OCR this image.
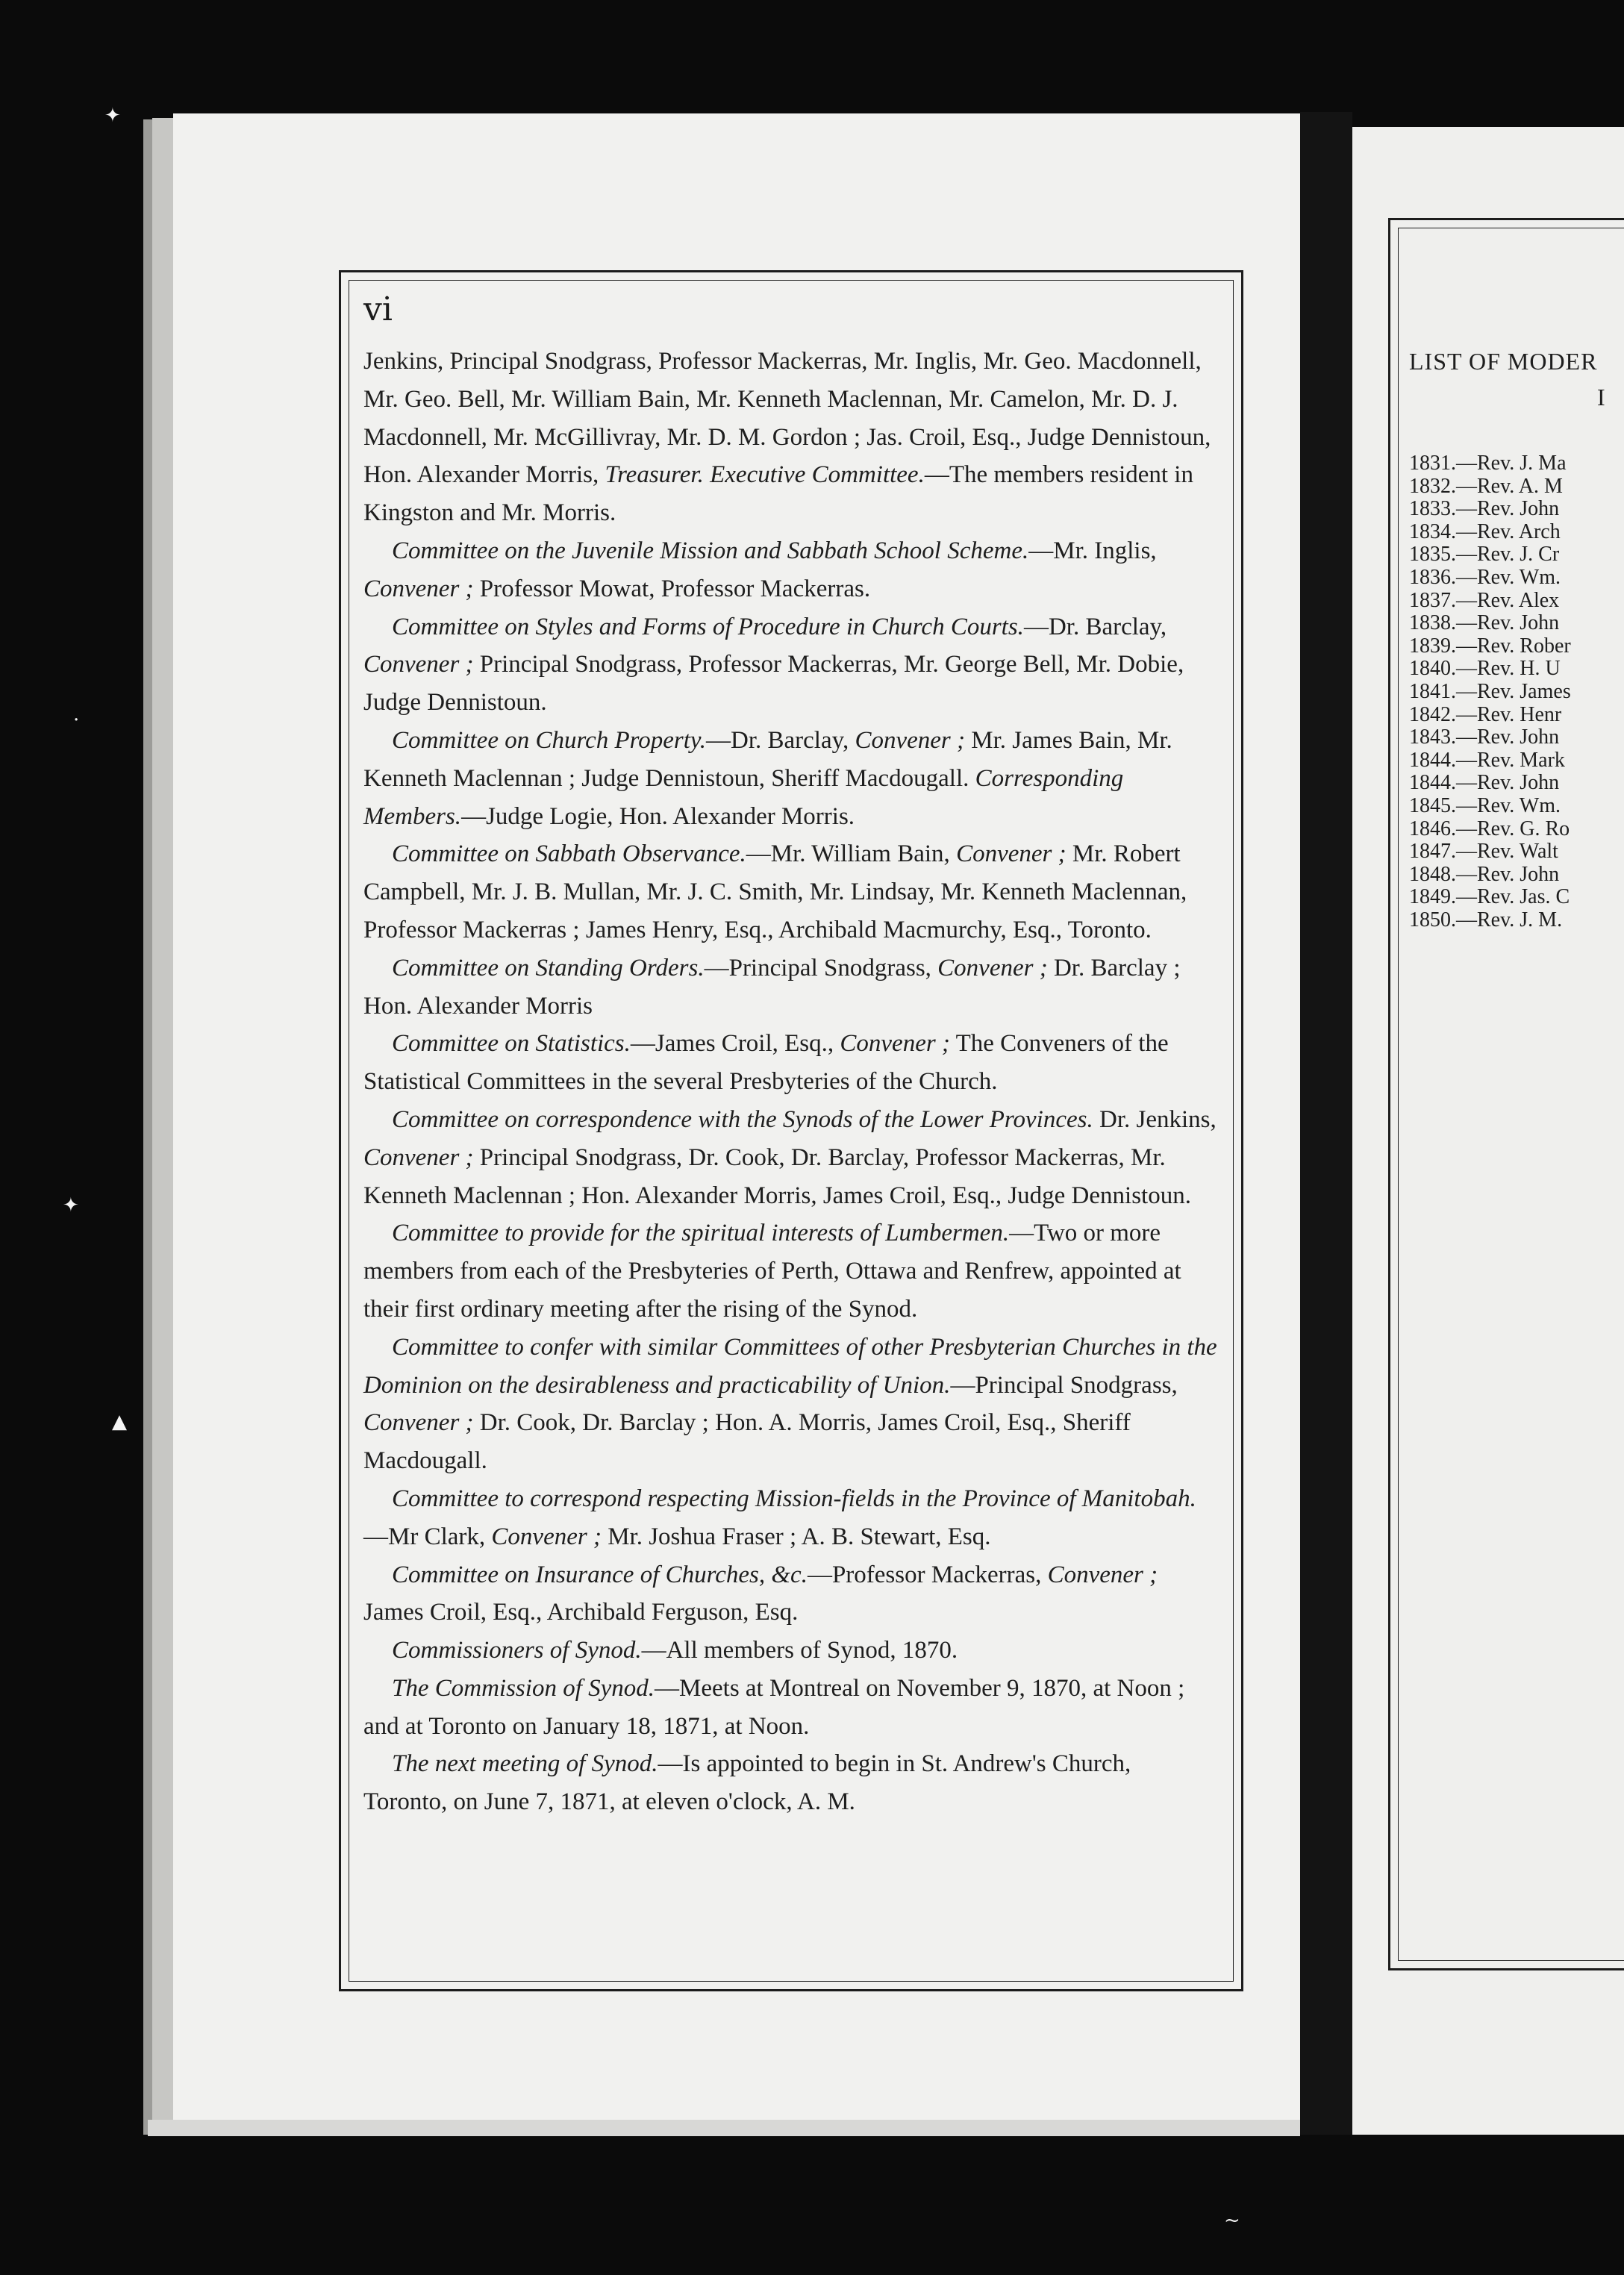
vi
Jenkins, Principal Snodgrass, Professor Mackerras, Mr. Inglis, Mr. Geo. Macdonnell, Mr. Geo. Bell, Mr. William Bain, Mr. Kenneth Maclennan, Mr. Camelon, Mr. D. J. Macdonnell, Mr. McGillivray, Mr. D. M. Gordon ; Jas. Croil, Esq., Judge Dennistoun, Hon. Alexander Morris, Treasurer. Executive Committee.—The members resident in Kingston and Mr. Morris.
Committee on the Juvenile Mission and Sabbath School Scheme.—Mr. Inglis, Convener ; Professor Mowat, Professor Mackerras.
Committee on Styles and Forms of Procedure in Church Courts.—Dr. Barclay, Convener ; Principal Snodgrass, Professor Mackerras, Mr. George Bell, Mr. Dobie, Judge Dennistoun.
Committee on Church Property.—Dr. Barclay, Convener ; Mr. James Bain, Mr. Kenneth Maclennan ; Judge Dennistoun, Sheriff Macdougall. Corresponding Members.—Judge Logie, Hon. Alexander Morris.
Committee on Sabbath Observance.—Mr. William Bain, Convener ; Mr. Robert Campbell, Mr. J. B. Mullan, Mr. J. C. Smith, Mr. Lindsay, Mr. Kenneth Maclennan, Professor Mackerras ; James Henry, Esq., Archibald Macmurchy, Esq., Toronto.
Committee on Standing Orders.—Principal Snodgrass, Convener ; Dr. Barclay ; Hon. Alexander Morris
Committee on Statistics.—James Croil, Esq., Convener ; The Conveners of the Statistical Committees in the several Presbyteries of the Church.
Committee on correspondence with the Synods of the Lower Provinces. Dr. Jenkins, Convener ; Principal Snodgrass, Dr. Cook, Dr. Barclay, Professor Mackerras, Mr. Kenneth Maclennan ; Hon. Alexander Morris, James Croil, Esq., Judge Dennistoun.
Committee to provide for the spiritual interests of Lumbermen.—Two or more members from each of the Presbyteries of Perth, Ottawa and Renfrew, appointed at their first ordinary meeting after the rising of the Synod.
Committee to confer with similar Committees of other Presbyterian Churches in the Dominion on the desirableness and practicability of Union.—Principal Snodgrass, Convener ; Dr. Cook, Dr. Barclay ; Hon. A. Morris, James Croil, Esq., Sheriff Macdougall.
Committee to correspond respecting Mission-fields in the Province of Manitobah.—Mr Clark, Convener ; Mr. Joshua Fraser ; A. B. Stewart, Esq.
Committee on Insurance of Churches, &c.—Professor Mackerras, Convener ; James Croil, Esq., Archibald Ferguson, Esq.
Commissioners of Synod.—All members of Synod, 1870.
The Commission of Synod.—Meets at Montreal on November 9, 1870, at Noon ; and at Toronto on January 18, 1871, at Noon.
The next meeting of Synod.—Is appointed to begin in St. Andrew's Church, Toronto, on June 7, 1871, at eleven o'clock, A. M.
LIST OF MODER
I
1831.—Rev. J. Ma
1832.—Rev. A. M
1833.—Rev. John
1834.—Rev. Arch
1835.—Rev. J. Cr
1836.—Rev. Wm.
1837.—Rev. Alex
1838.—Rev. John
1839.—Rev. Rober
1840.—Rev. H. U
1841.—Rev. James
1842.—Rev. Henr
1843.—Rev. John
1844.—Rev. Mark
1844.—Rev. John
1845.—Rev. Wm.
1846.—Rev. G. Ro
1847.—Rev. Walt
1848.—Rev. John
1849.—Rev. Jas. C
1850.—Rev. J. M.
✦
·
✦
▲
~
